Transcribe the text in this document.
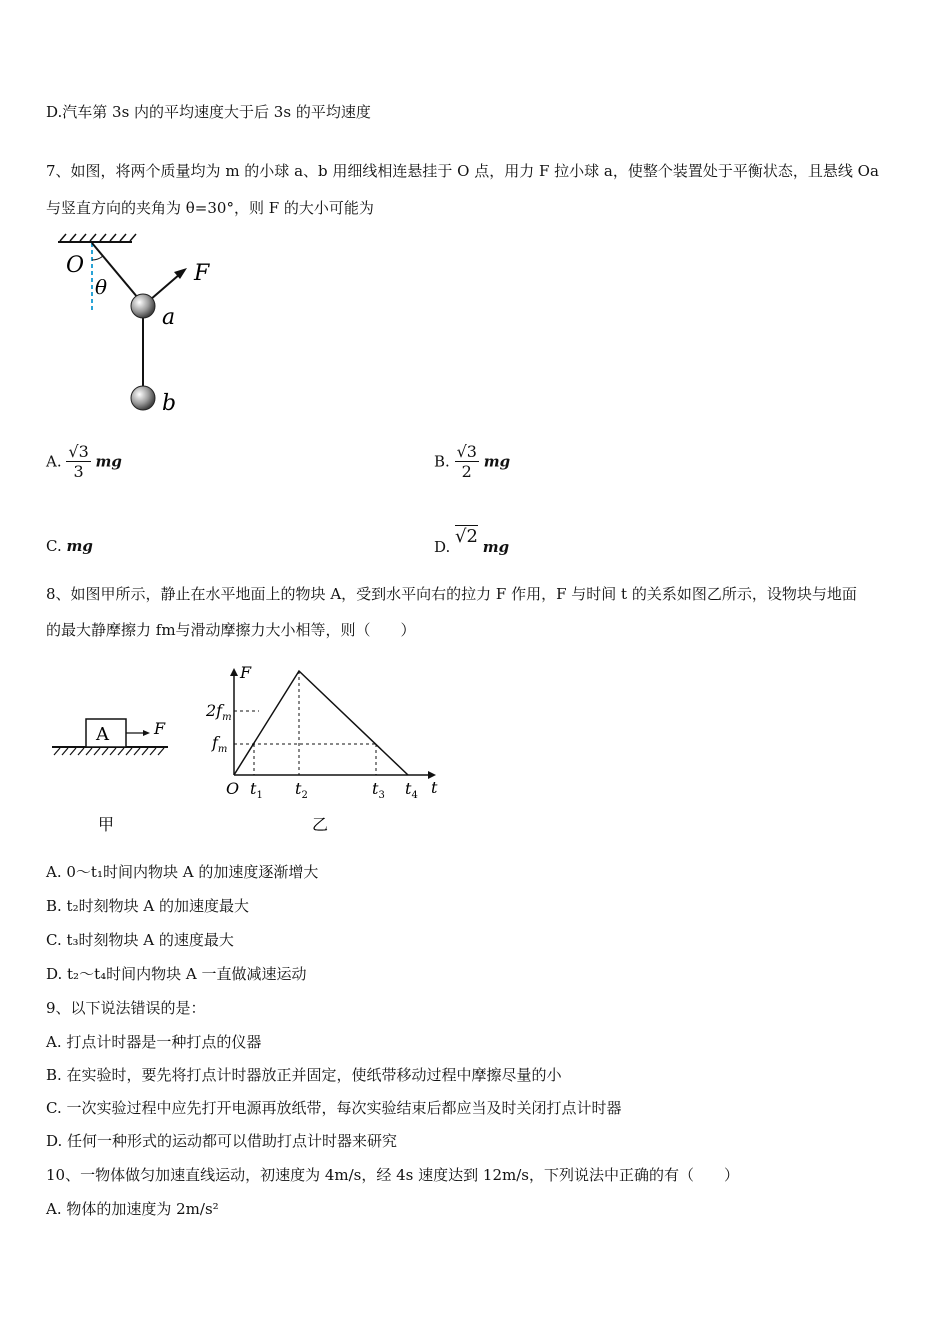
D.汽车第 3s 内的平均速度大于后 3s 的平均速度
7、如图，将两个质量均为 m 的小球 a、b 用细线相连悬挂于 O 点，用力 F 拉小球 a，使整个装置处于平衡状态，且悬线 Oa
与竖直方向的夹角为 θ=30°，则 F 的大小可能为
O
θ
F
a
b
A. $\frac{√3}{3}$ mg	B. $\frac{√3}{2}$ mg
C. mg	D. √2 mg
8、如图甲所示，静止在水平地面上的物块 A，受到水平向右的拉力 F 作用，F 与时间 t 的关系如图乙所示，设物块与地面
的最大静摩擦力 fm与滑动摩擦力大小相等，则（　　）
A	F
甲
F
t
O
$2f_m$
$f_m$
$t_1$ $t_2$	$t_3$ $t_4$
乙
A. 0～t₁时间内物块 A 的加速度逐渐增大
B. t₂时刻物块 A 的加速度最大
C. t₃时刻物块 A 的速度最大
D. t₂～t₄时间内物块 A 一直做减速运动
9、以下说法错误的是：
A. 打点计时器是一种打点的仪器
B. 在实验时，要先将打点计时器放正并固定，使纸带移动过程中摩擦尽量的小
C. 一次实验过程中应先打开电源再放纸带，每次实验结束后都应当及时关闭打点计时器
D. 任何一种形式的运动都可以借助打点计时器来研究
10、一物体做匀加速直线运动，初速度为 4m/s，经 4s 速度达到 12m/s，下列说法中正确的有（　　）
A. 物体的加速度为 2m/s²
